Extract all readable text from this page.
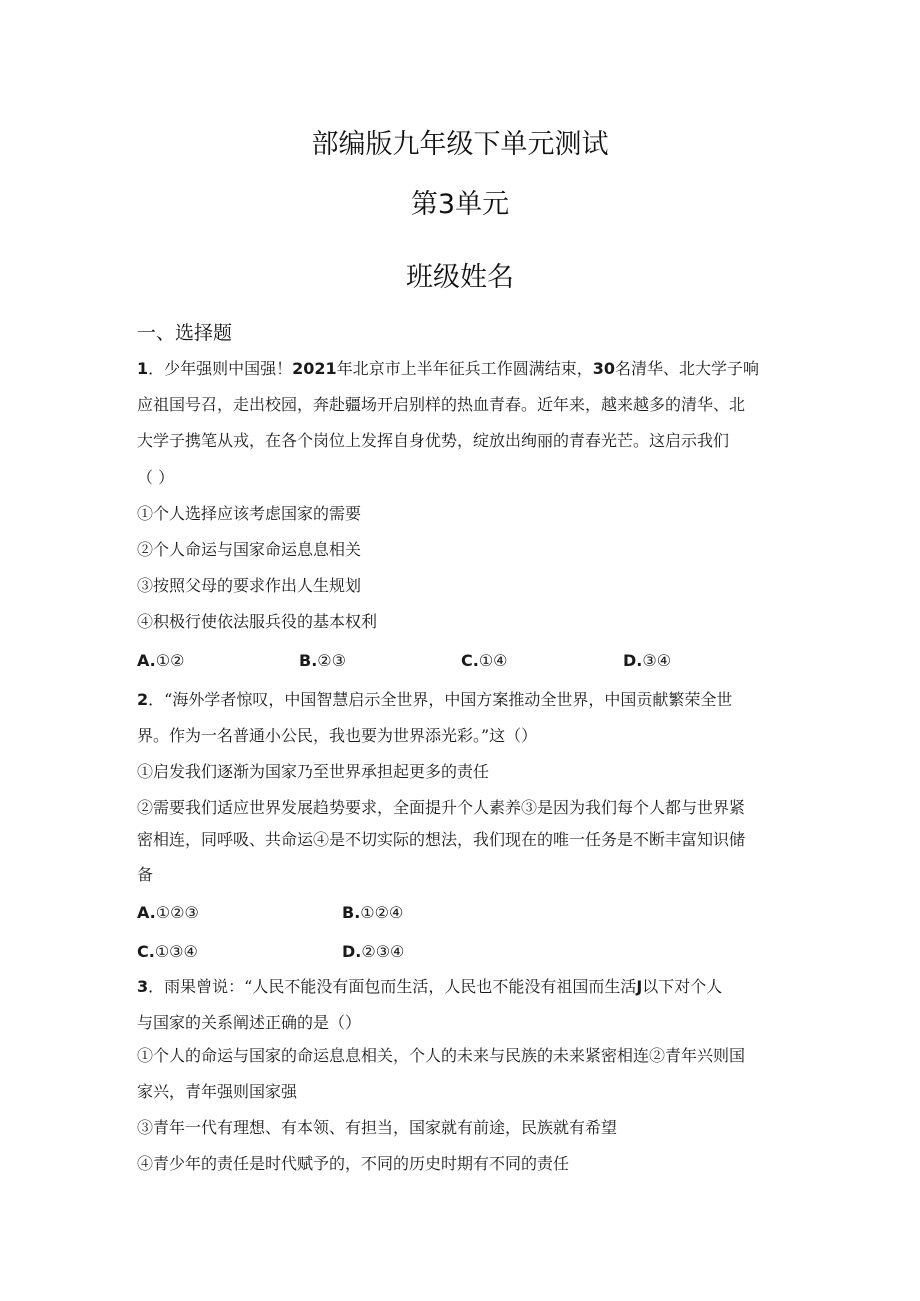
部编版九年级下单元测试
第3单元
班级姓名
一、选择题
1．少年强则中国强！2021年北京市上半年征兵工作圆满结束，30名清华、北大学子响
应祖国号召，走出校园，奔赴疆场开启别样的热血青春。近年来，越来越多的清华、北
大学子携笔从戎，在各个岗位上发挥自身优势，绽放出绚丽的青春光芒。这启示我们
（ ）
①个人选择应该考虑国家的需要
②个人命运与国家命运息息相关
③按照父母的要求作出人生规划
④积极行使依法服兵役的基本权利
A.①②	B.②③	C.①④	D.③④
2．“海外学者惊叹，中国智慧启示全世界，中国方案推动全世界，中国贡献繁荣全世
界。作为一名普通小公民，我也要为世界添光彩。”这（）
①启发我们逐渐为国家乃至世界承担起更多的责任
②需要我们适应世界发展趋势要求，全面提升个人素养③是因为我们每个人都与世界紧
密相连，同呼吸、共命运④是不切实际的想法，我们现在的唯一任务是不断丰富知识储
备
A.①②③	B.①②④
C.①③④	D.②③④
3．雨果曾说：“人民不能没有面包而生活，人民也不能没有祖国而生活J以下对个人
与国家的关系阐述正确的是（）
①个人的命运与国家的命运息息相关，个人的未来与民族的未来紧密相连②青年兴则国
家兴，青年强则国家强
③青年一代有理想、有本领、有担当，国家就有前途，民族就有希望
④青少年的责任是时代赋予的，不同的历史时期有不同的责任
